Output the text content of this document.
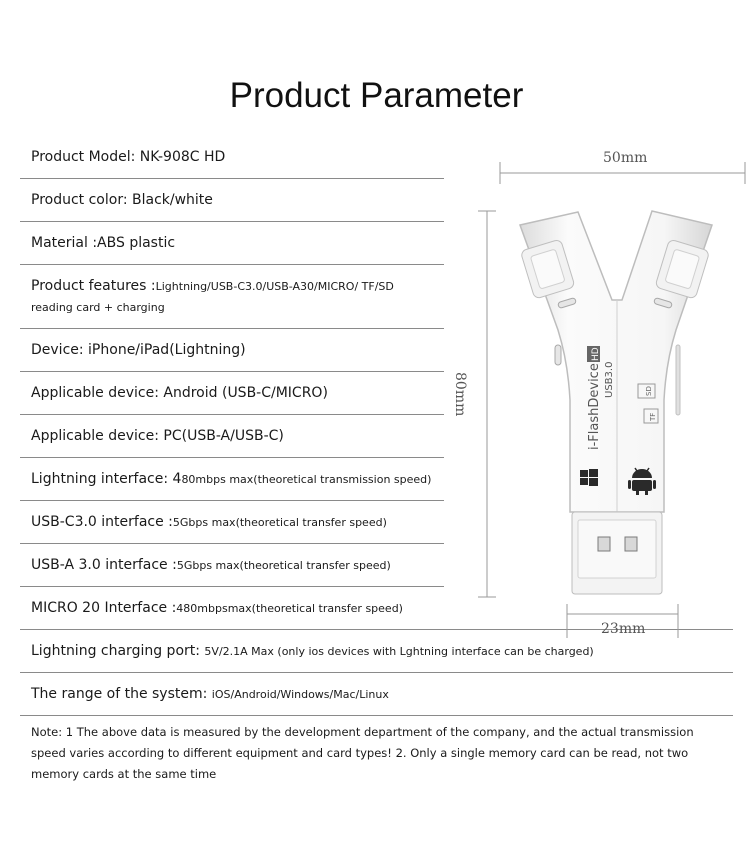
Product Parameter
Product Model: NK-908C HD
Product color: Black/white
Material :ABS plastic
Product features :Lightning/USB-C3.0/USB-A30/MICRO/ TF/SD
reading card + charging
Device: iPhone/iPad(Lightning)
Applicable device: Android (USB-C/MICRO)
Applicable device: PC(USB-A/USB-C)
Lightning interface: 480mbps max(theoretical transmission speed)
USB-C3.0 interface :5Gbps max(theoretical transfer speed)
USB-A 3.0 interface :5Gbps max(theoretical transfer speed)
MICRO 20 Interface :480mbpsmax(theoretical transfer speed)
Lightning charging port: 5V/2.1A Max (only ios devices with Lghtning interface can be charged)
The range of the system: iOS/Android/Windows/Mac/Linux
Note: 1 The above data is measured by the development department of the company, and the actual transmission speed varies according to different equipment and card types! 2. Only a single memory card can be read, not two memory cards at the same time
50mm
80mm
23mm
i-FlashDevice
HD
USB3.0	SD
TF
